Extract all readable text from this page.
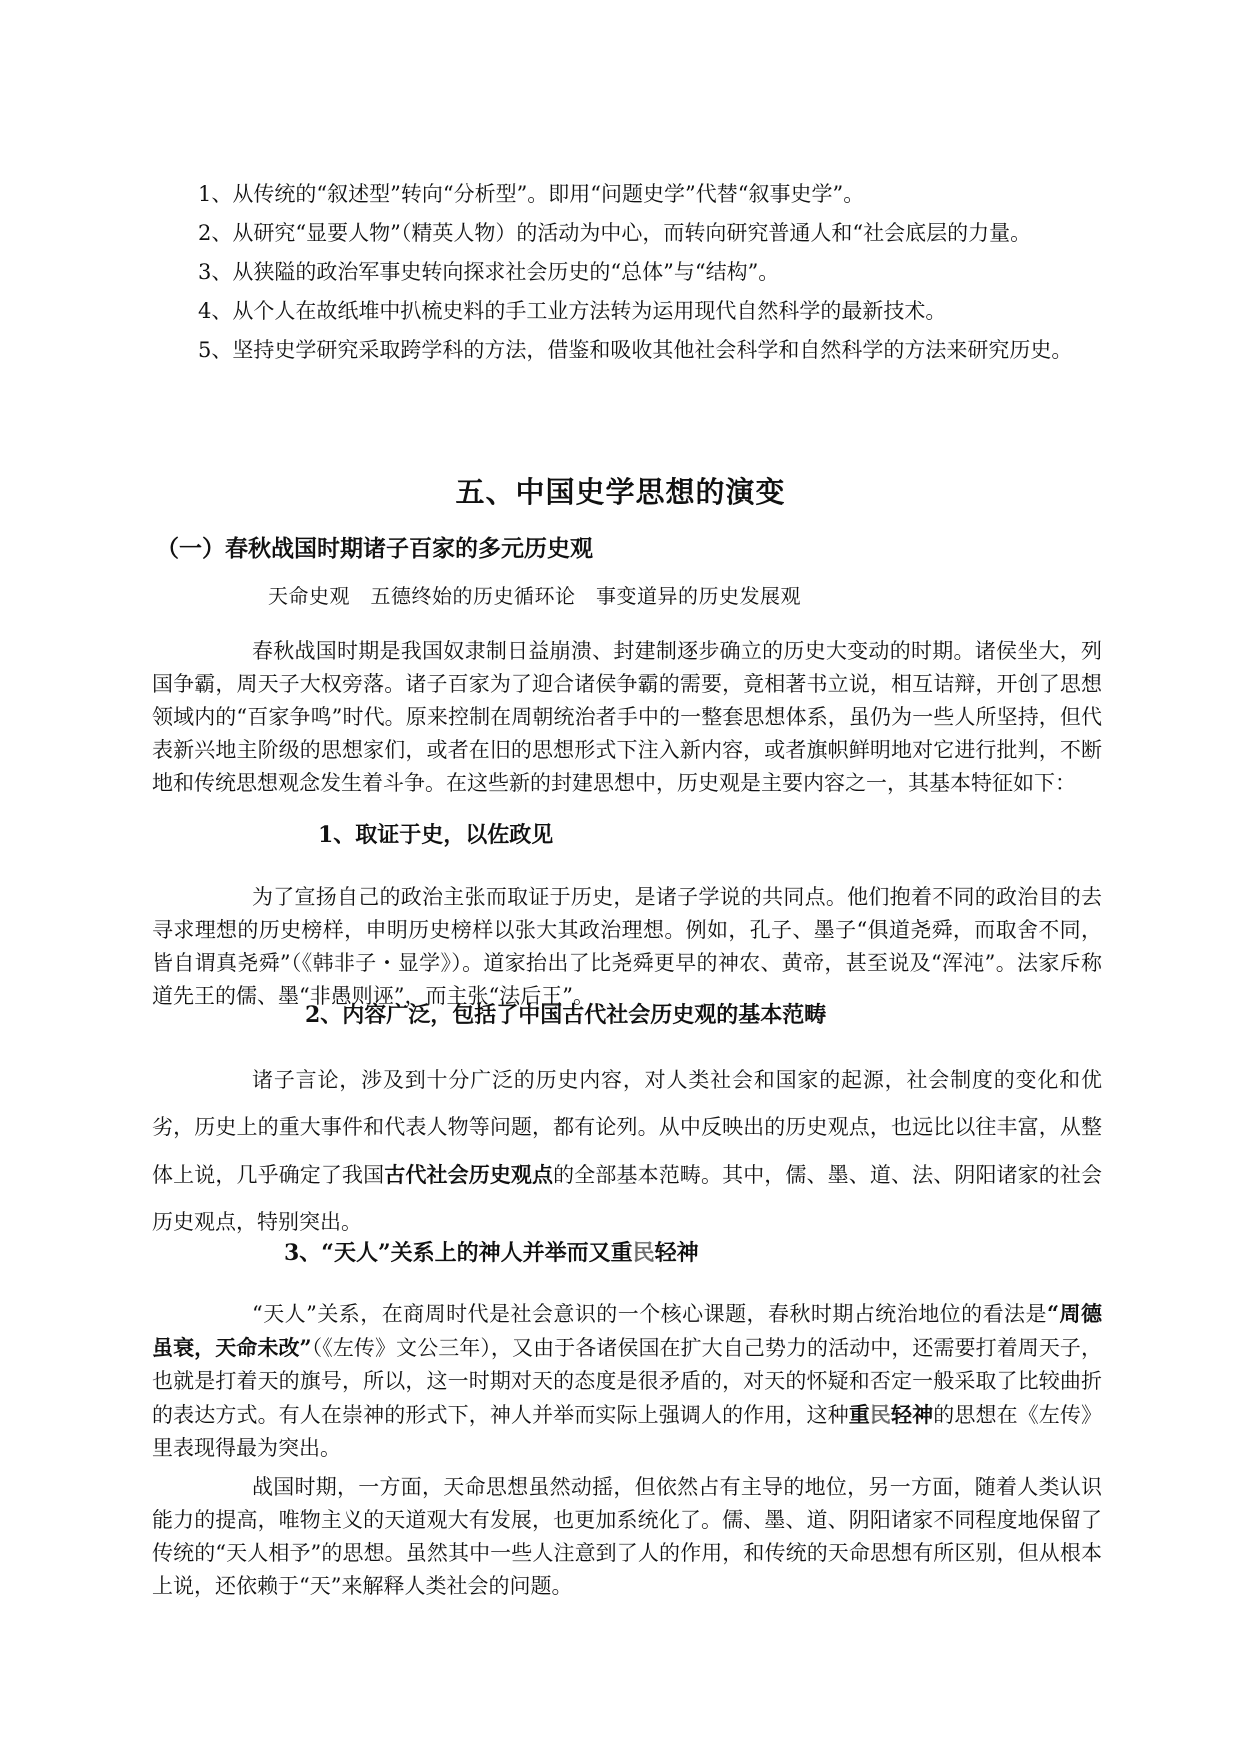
1、从传统的“叙述型”转向“分析型”。即用“问题史学”代替“叙事史学”。

2、从研究“显要人物”（精英人物）的活动为中心，而转向研究普通人和“社会底层的力量。

3、从狭隘的政治军事史转向探求社会历史的“总体”与“结构”。

4、从个人在故纸堆中扒梳史料的手工业方法转为运用现代自然科学的最新技术。

5、坚持史学研究采取跨学科的方法，借鉴和吸收其他社会科学和自然科学的方法来研究历史。

五、中国史学思想的演变
（一）春秋战国时期诸子百家的多元历史观
天命史观　五德终始的历史循环论　事变道异的历史发展观

春秋战国时期是我国奴隶制日益崩溃、封建制逐步确立的历史大变动的时期。诸侯坐大，列国争霸，周天子大权旁落。诸子百家为了迎合诸侯争霸的需要，竟相著书立说，相互诘辩，开创了思想领域内的“百家争鸣”时代。原来控制在周朝统治者手中的一整套思想体系，虽仍为一些人所坚持，但代表新兴地主阶级的思想家们，或者在旧的思想形式下注入新内容，或者旗帜鲜明地对它进行批判，不断地和传统思想观念发生着斗争。在这些新的封建思想中，历史观是主要内容之一，其基本特征如下：

1、取证于史，以佐政见

为了宣扬自己的政治主张而取证于历史，是诸子学说的共同点。他们抱着不同的政治目的去寻求理想的历史榜样，申明历史榜样以张大其政治理想。例如，孔子、墨子“俱道尧舜，而取舍不同，皆自谓真尧舜”（《韩非子・显学》）。道家抬出了比尧舜更早的神农、黄帝，甚至说及“浑沌”。法家斥称道先王的儒、墨“非愚则诬”，而主张“法后王”。

2、内容广泛，包括了中国古代社会历史观的基本范畴

诸子言论，涉及到十分广泛的历史内容，对人类社会和国家的起源，社会制度的变化和优劣，历史上的重大事件和代表人物等问题，都有论列。从中反映出的历史观点，也远比以往丰富，从整体上说，几乎确定了我国古代社会历史观点的全部基本范畴。其中，儒、墨、道、法、阴阳诸家的社会历史观点，特别突出。

3、“天人”关系上的神人并举而又重民轻神

“天人”关系，在商周时代是社会意识的一个核心课题，春秋时期占统治地位的看法是“周德虽衰，天命未改”（《左传》文公三年），又由于各诸侯国在扩大自己势力的活动中，还需要打着周天子，也就是打着天的旗号，所以，这一时期对天的态度是很矛盾的，对天的怀疑和否定一般采取了比较曲折的表达方式。有人在崇神的形式下，神人并举而实际上强调人的作用，这种重民轻神的思想在《左传》里表现得最为突出。

战国时期，一方面，天命思想虽然动摇，但依然占有主导的地位，另一方面，随着人类认识能力的提高，唯物主义的天道观大有发展，也更加系统化了。儒、墨、道、阴阳诸家不同程度地保留了传统的“天人相予”的思想。虽然其中一些人注意到了人的作用，和传统的天命思想有所区别，但从根本上说，还依赖于“天”来解释人类社会的问题。
